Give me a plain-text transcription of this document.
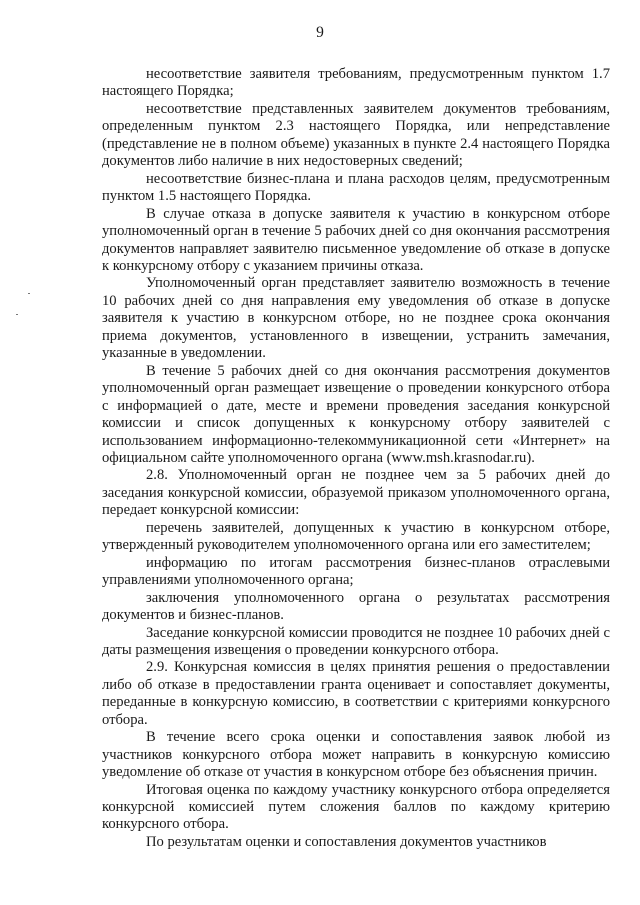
9

несоответствие заявителя требованиям, предусмотренным пунктом 1.7 настоящего Порядка;

несоответствие представленных заявителем документов требованиям, определенным пунктом 2.3 настоящего Порядка, или непредставление (представление не в полном объеме) указанных в пункте 2.4 настоящего Порядка документов либо наличие в них недостоверных сведений;

несоответствие бизнес-плана и плана расходов целям, предусмотренным пунктом 1.5 настоящего Порядка.

В случае отказа в допуске заявителя к участию в конкурсном отборе уполномоченный орган в течение 5 рабочих дней со дня окончания рассмотрения документов направляет заявителю письменное уведомление об отказе в допуске к конкурсному отбору с указанием причины отказа.

Уполномоченный орган представляет заявителю возможность в течение 10 рабочих дней со дня направления ему уведомления об отказе в допуске заявителя к участию в конкурсном отборе, но не позднее срока окончания приема документов, установленного в извещении, устранить замечания, указанные в уведомлении.

В течение 5 рабочих дней со дня окончания рассмотрения документов уполномоченный орган размещает извещение о проведении конкурсного отбора с информацией о дате, месте и времени проведения заседания конкурсной комиссии и список допущенных к конкурсному отбору заявителей с использованием информационно-телекоммуникационной сети «Интернет» на официальном сайте уполномоченного органа (www.msh.krasnodar.ru).

2.8. Уполномоченный орган не позднее чем за 5 рабочих дней до заседания конкурсной комиссии, образуемой приказом уполномоченного органа, передает конкурсной комиссии:

перечень заявителей, допущенных к участию в конкурсном отборе, утвержденный руководителем уполномоченного органа или его заместителем;

информацию по итогам рассмотрения бизнес-планов отраслевыми управлениями уполномоченного органа;

заключения уполномоченного органа о результатах рассмотрения документов и бизнес-планов.

Заседание конкурсной комиссии проводится не позднее 10 рабочих дней с даты размещения извещения о проведении конкурсного отбора.

2.9. Конкурсная комиссия в целях принятия решения о предоставлении либо об отказе в предоставлении гранта оценивает и сопоставляет документы, переданные в конкурсную комиссию, в соответствии с критериями конкурсного отбора.

В течение всего срока оценки и сопоставления заявок любой из участников конкурсного отбора может направить в конкурсную комиссию уведомление об отказе от участия в конкурсном отборе без объяснения причин.

Итоговая оценка по каждому участнику конкурсного отбора определяется конкурсной комиссией путем сложения баллов по каждому критерию конкурсного отбора.

По результатам оценки и сопоставления документов участников
